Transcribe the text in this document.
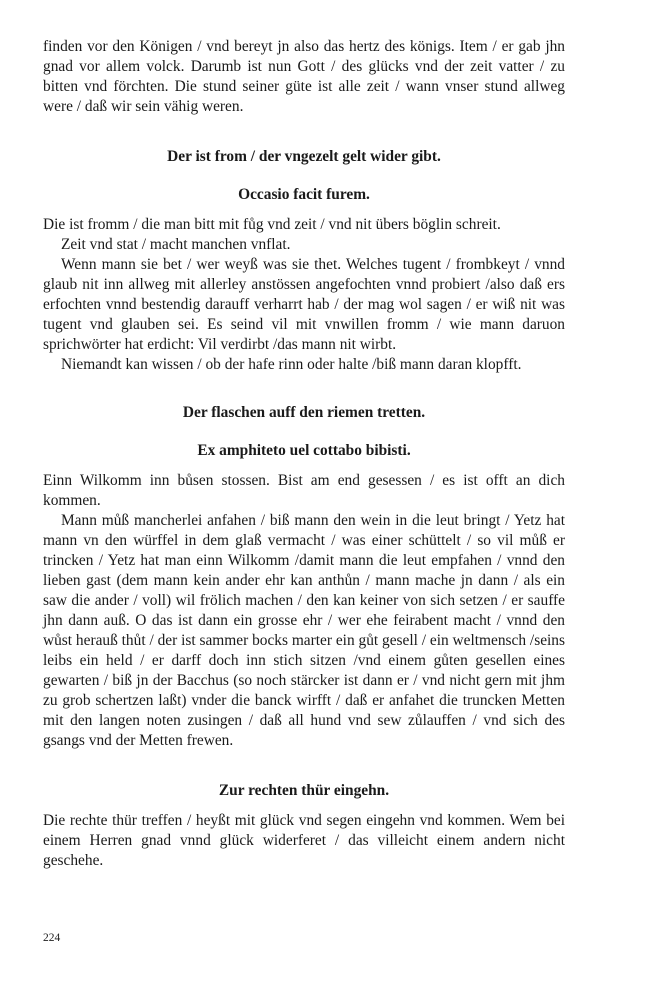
finden vor den Königen / vnd bereyt jn also das hertz des königs. Item / er gab jhn gnad vor allem volck. Darumb ist nun Gott / des glücks vnd der zeit vatter / zu bitten vnd förchten. Die stund seiner güte ist alle zeit / wann vnser stund allweg were / daß wir sein vähig weren.

Der ist from / der vngezelt gelt wider gibt.
Occasio facit furem.

Die ist fromm / die man bitt mit fůg vnd zeit / vnd nit übers böglin schreit.

Zeit vnd stat / macht manchen vnflat.

Wenn mann sie bet / wer weyß was sie thet. Welches tugent / frombkeyt / vnnd glaub nit inn allweg mit allerley anstössen angefochten vnnd probiert /also daß ers erfochten vnnd bestendig darauff verharrt hab / der mag wol sagen / er wiß nit was tugent vnd glauben sei. Es seind vil mit vnwillen fromm / wie mann daruon sprichwörter hat erdicht: Vil verdirbt /das mann nit wirbt.

Niemandt kan wissen / ob der hafe rinn oder halte /biß mann daran klopfft.

Der flaschen auff den riemen tretten.
Ex amphiteto uel cottabo bibisti.

Einn Wilkomm inn bůsen stossen. Bist am end gesessen / es ist offt an dich kommen.

Mann můß mancherlei anfahen / biß mann den wein in die leut bringt / Yetz hat mann vn den würffel in dem glaß vermacht / was einer schüttelt / so vil můß er trincken / Yetz hat man einn Wilkomm /damit mann die leut empfahen / vnnd den lieben gast (dem mann kein ander ehr kan anthůn / mann mache jn dann / als ein saw die ander / voll) wil frölich machen / den kan keiner von sich setzen / er sauffe jhn dann auß. O das ist dann ein grosse ehr / wer ehe feirabent macht / vnnd den wůst herauß thůt / der ist sammer bocks marter ein gůt gesell / ein weltmensch /seins leibs ein held / er darff doch inn stich sitzen /vnd einem gůten gesellen eines gewarten / biß jn der Bacchus (so noch stärcker ist dann er / vnd nicht gern mit jhm zu grob schertzen laßt) vnder die banck wirfft / daß er anfahet die truncken Metten mit den langen noten zusingen / daß all hund vnd sew zůlauffen / vnd sich des gsangs vnd der Metten frewen.

Zur rechten thür eingehn.

Die rechte thür treffen / heyßt mit glück vnd segen eingehn vnd kommen. Wem bei einem Herren gnad vnnd glück widerferet / das villeicht einem andern nicht geschehe.

224
